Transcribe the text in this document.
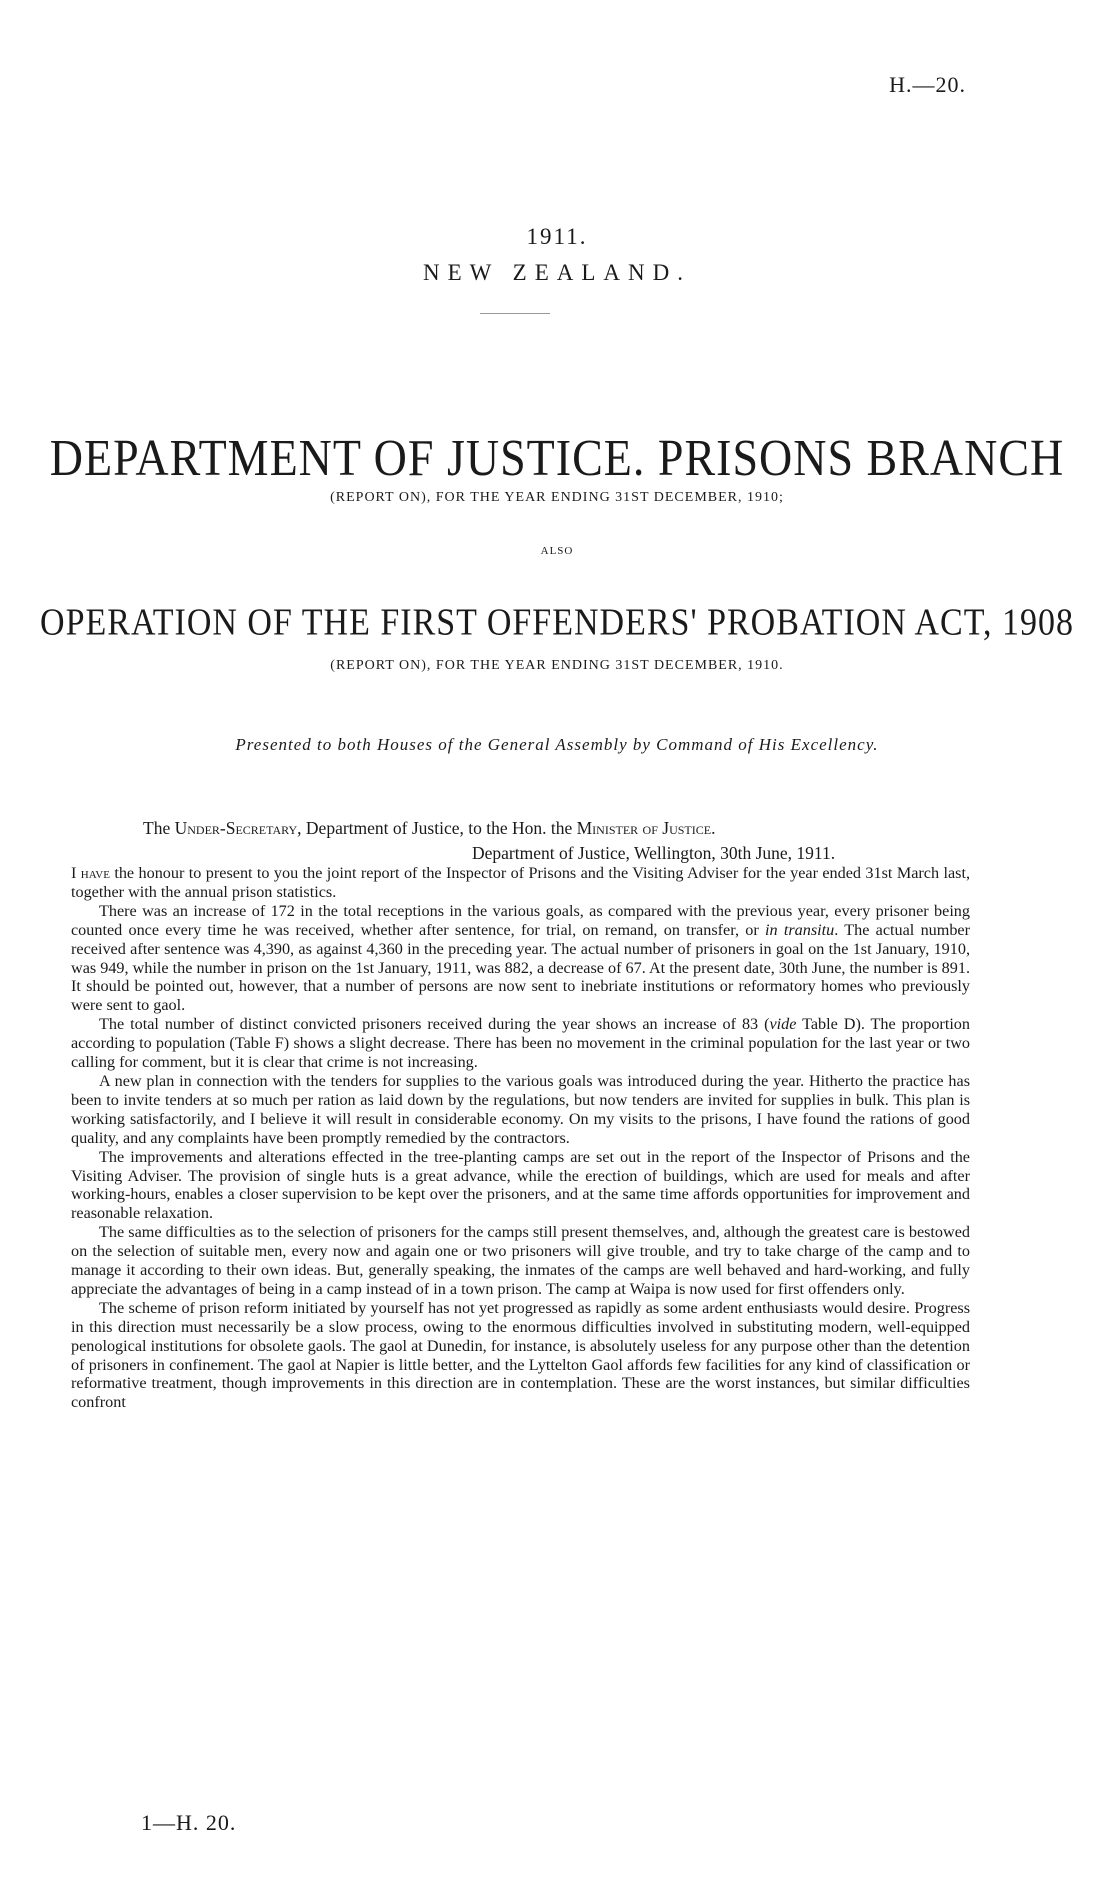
H.—20.
1911.
NEW ZEALAND.
DEPARTMENT OF JUSTICE. PRISONS BRANCH
(REPORT ON), FOR THE YEAR ENDING 31ST DECEMBER, 1910;
ALSO
OPERATION OF THE FIRST OFFENDERS' PROBATION ACT, 1908
(REPORT ON), FOR THE YEAR ENDING 31ST DECEMBER, 1910.
Presented to both Houses of the General Assembly by Command of His Excellency.
The Under-Secretary, Department of Justice, to the Hon. the Minister of Justice.
Department of Justice, Wellington, 30th June, 1911.

I have the honour to present to you the joint report of the Inspector of Prisons and the Visiting Adviser for the year ended 31st March last, together with the annual prison statistics.

There was an increase of 172 in the total receptions in the various goals, as compared with the previous year, every prisoner being counted once every time he was received, whether after sentence, for trial, on remand, on transfer, or in transitu. The actual number received after sentence was 4,390, as against 4,360 in the preceding year. The actual number of prisoners in goal on the 1st January, 1910, was 949, while the number in prison on the 1st January, 1911, was 882, a decrease of 67. At the present date, 30th June, the number is 891. It should be pointed out, however, that a number of persons are now sent to inebriate institutions or reformatory homes who previously were sent to gaol.

The total number of distinct convicted prisoners received during the year shows an increase of 83 (vide Table D). The proportion according to population (Table F) shows a slight decrease. There has been no movement in the criminal population for the last year or two calling for comment, but it is clear that crime is not increasing.

A new plan in connection with the tenders for supplies to the various goals was introduced during the year. Hitherto the practice has been to invite tenders at so much per ration as laid down by the regulations, but now tenders are invited for supplies in bulk. This plan is working satisfactorily, and I believe it will result in considerable economy. On my visits to the prisons, I have found the rations of good quality, and any complaints have been promptly remedied by the contractors.

The improvements and alterations effected in the tree-planting camps are set out in the report of the Inspector of Prisons and the Visiting Adviser. The provision of single huts is a great advance, while the erection of buildings, which are used for meals and after working-hours, enables a closer supervision to be kept over the prisoners, and at the same time affords opportunities for improvement and reasonable relaxation.

The same difficulties as to the selection of prisoners for the camps still present themselves, and, although the greatest care is bestowed on the selection of suitable men, every now and again one or two prisoners will give trouble, and try to take charge of the camp and to manage it according to their own ideas. But, generally speaking, the inmates of the camps are well behaved and hard-working, and fully appreciate the advantages of being in a camp instead of in a town prison. The camp at Waipa is now used for first offenders only.

The scheme of prison reform initiated by yourself has not yet progressed as rapidly as some ardent enthusiasts would desire. Progress in this direction must necessarily be a slow process, owing to the enormous difficulties involved in substituting modern, well-equipped penological institutions for obsolete gaols. The gaol at Dunedin, for instance, is absolutely useless for any purpose other than the detention of prisoners in confinement. The gaol at Napier is little better, and the Lyttelton Gaol affords few facilities for any kind of classification or reformative treatment, though improvements in this direction are in contemplation. These are the worst instances, but similar difficulties confront

1—H. 20.
